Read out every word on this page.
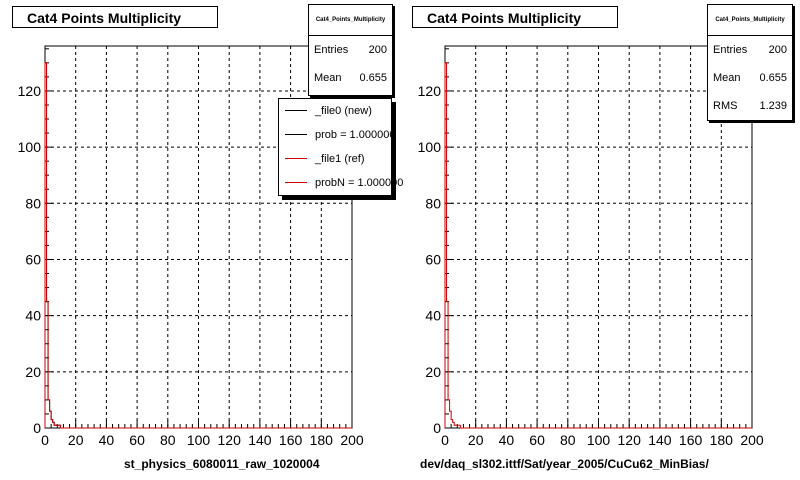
0 20 40 60 80 100 120 140 160 180 200
0
20
40
60
80
100
120
Cat4 Points Multiplicity
st_physics_6080011_raw_1020004
Cat4_Points_Multiplicity
Entries 200
Mean 0.655
_file0 (new)
prob = 1.000000
_file1 (ref)
probN = 1.000000
0 20 40 60 80 100 120 140 160 180 200
0
20
40
60
80
100
120
Cat4 Points Multiplicity
dev/daq_sl302.ittf/Sat/year_2005/CuCu62_MinBias/
Cat4_Points_Multiplicity
Entries 200
Mean 0.655
RMS 1.239
